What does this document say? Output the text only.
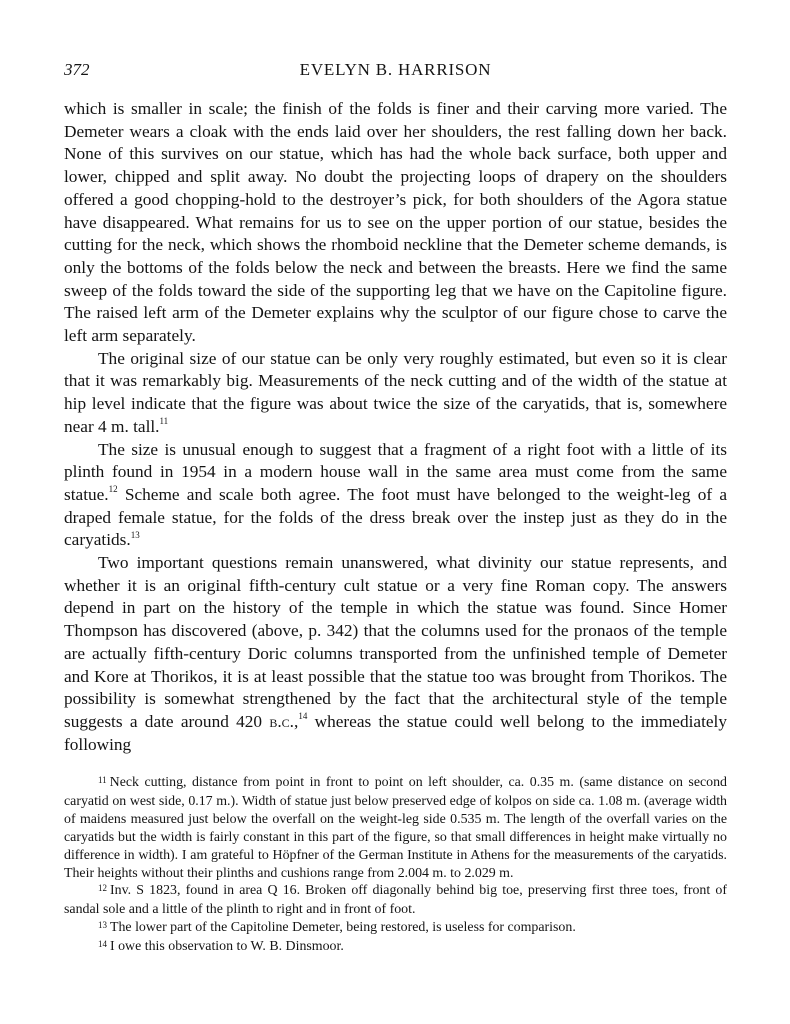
372	EVELYN B. HARRISON

which is smaller in scale; the finish of the folds is finer and their carving more varied. The Demeter wears a cloak with the ends laid over her shoulders, the rest falling down her back. None of this survives on our statue, which has had the whole back surface, both upper and lower, chipped and split away. No doubt the projecting loops of drapery on the shoulders offered a good chopping-hold to the destroyer’s pick, for both shoulders of the Agora statue have disappeared. What remains for us to see on the upper portion of our statue, besides the cutting for the neck, which shows the rhomboid neckline that the Demeter scheme demands, is only the bottoms of the folds below the neck and between the breasts. Here we find the same sweep of the folds toward the side of the supporting leg that we have on the Capitoline figure. The raised left arm of the Demeter explains why the sculptor of our figure chose to carve the left arm separately.

The original size of our statue can be only very roughly estimated, but even so it is clear that it was remarkably big. Measurements of the neck cutting and of the width of the statue at hip level indicate that the figure was about twice the size of the caryatids, that is, somewhere near 4 m. tall.$^{11}$

The size is unusual enough to suggest that a fragment of a right foot with a little of its plinth found in 1954 in a modern house wall in the same area must come from the same statue.$^{12}$ Scheme and scale both agree. The foot must have belonged to the weight-leg of a draped female statue, for the folds of the dress break over the instep just as they do in the caryatids.$^{13}$

Two important questions remain unanswered, what divinity our statue represents, and whether it is an original fifth-century cult statue or a very fine Roman copy. The answers depend in part on the history of the temple in which the statue was found. Since Homer Thompson has discovered (above, p. 342) that the columns used for the pronaos of the temple are actually fifth-century Doric columns transported from the unfinished temple of Demeter and Kore at Thorikos, it is at least possible that the statue too was brought from Thorikos. The possibility is somewhat strengthened by the fact that the architectural style of the temple suggests a date around 420 b.c.,$^{14}$ whereas the statue could well belong to the immediately following

$^{11}$ Neck cutting, distance from point in front to point on left shoulder, ca. 0.35 m. (same distance on second caryatid on west side, 0.17 m.). Width of statue just below preserved edge of kolpos on side ca. 1.08 m. (average width of maidens measured just below the overfall on the weight-leg side 0.535 m. The length of the overfall varies on the caryatids but the width is fairly constant in this part of the figure, so that small differences in height make virtually no difference in width). I am grateful to Höpfner of the German Institute in Athens for the measurements of the caryatids. Their heights without their plinths and cushions range from 2.004 m. to 2.029 m.

$^{12}$ Inv. S 1823, found in area Q 16. Broken off diagonally behind big toe, preserving first three toes, front of sandal sole and a little of the plinth to right and in front of foot.

$^{13}$ The lower part of the Capitoline Demeter, being restored, is useless for comparison.

$^{14}$ I owe this observation to W. B. Dinsmoor.
